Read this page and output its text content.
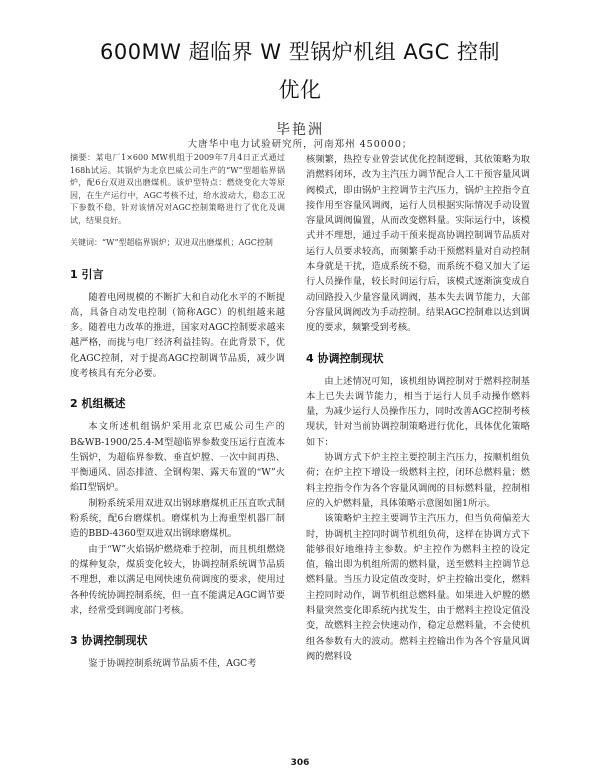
600MW 超临界 W 型锅炉机组 AGC 控制
优化
毕艳洲
大唐华中电力试验研究所，河南郑州 450000；
摘要：某电厂1×600 MW机组于2009年7月4日正式通过168h试运。其锅炉为北京巴威公司生产的“W”型超临界锅炉，配6台双进双出磨煤机。该炉型特点：燃烧变化大等原因，在生产运行中，AGC考核不过，给水波动大，稳态工况下参数不稳，针对该情况对AGC控制策略进行了优化及调试，结果良好。
关键词：“W”型超临界锅炉；双进双出磨煤机；AGC控制
1 引言

随着电网规模的不断扩大和自动化水平的不断提高，具备自动发电控制（简称AGC）的机组越来越多。随着电力改革的推进，国家对AGC控制要求越来越严格，而拢与电厂经济利益挂钩。在此背景下，优化AGC控制，对于提高AGC控制调节品质，减少调度考核具有充分必要。

2 机组概述

本文所述机组锅炉采用北京巴威公司生产的B&WB-1900/25.4-M型超临界参数变压运行直流本生锅炉，为超临界参数、垂直炉膛、一次中间再热、平衡通风、固态排渣、全钢构架、露天布置的“W”火焰Π型锅炉。

制粉系统采用双进双出钢球磨煤机正压直吹式制粉系统，配6台磨煤机。磨煤机为上海重型机器厂制造的BBD-4360型双进双出钢球磨煤机。

由于“W”火焰锅炉燃烧难于控制，而且机组燃烧的煤种复杂，煤质变化较大，协调控制系统调节品质不理想，难以满足电网快速负荷调度的要求，使用过各种传统协调控制系统，但一直不能满足AGC调节要求，经常受到调度部门考核。

3 协调控制现状

鉴于协调控制系统调节品质不佳，AGC考

核频繁，热控专业曾尝试优化控制逻辑，其依策略为取消燃料闭环，改为主汽压力调节配合人工干预容量风调阀模式，即由锅炉主控调节主汽压力，锅炉主控指令直接作用至容量风调阀，运行人员根据实际情况手动设置容量风调阀偏置，从而改变燃料量。实际运行中，该模式并不理想，通过手动干预来提高协调控制调节品质对运行人员要求较高，而频繁手动干预燃料量对自动控制本身就是干扰，造成系统不稳，而系统不稳又加大了运行人员操作量，较长时间运行后，该模式逐渐演变成自动回路投入少量容量风调阀，基本失去调节能力，大部分容量风调阀改为手动控制。结果AGC控制难以达到调度的要求，频繁受到考核。

4 协调控制现状

由上述情况可知，该机组协调控制对于燃料控制基本上已失去调节能力，相当于运行人员手动操作燃料量，为减少运行人员操作压力，同时改善AGC控制考核现状，针对当前协调控制策略进行优化，具体优化策略如下：

协调方式下炉主控主要控制主汽压力，按顺机组负荷；在炉主控下增设一级燃料主控，闭环总燃料量；燃料主控指令作为各个容量风调阀的目标燃料量，控制相应的入炉燃料量，具体策略示意图如图1所示。

该策略炉主控主要调节主汽压力，但当负荷偏差大时，协调机主控同时调节机组负荷，这样在协调方式下能够很好地维持主参数。炉主控作为燃料主控的设定值，输出即为机组所需的燃料量，送至燃料主控调节总燃料量。当压力设定值改变时，炉主控输出变化，燃料主控同时动作，调节机组总燃料量。如果进入炉膛的燃料量突然变化即系统内扰发生，由于燃料主控设定值没变，故燃料主控会快速动作，稳定总燃料量，不会使机组各参数有大的波动。燃料主控输出作为各个容量风调阀的燃料设

306
